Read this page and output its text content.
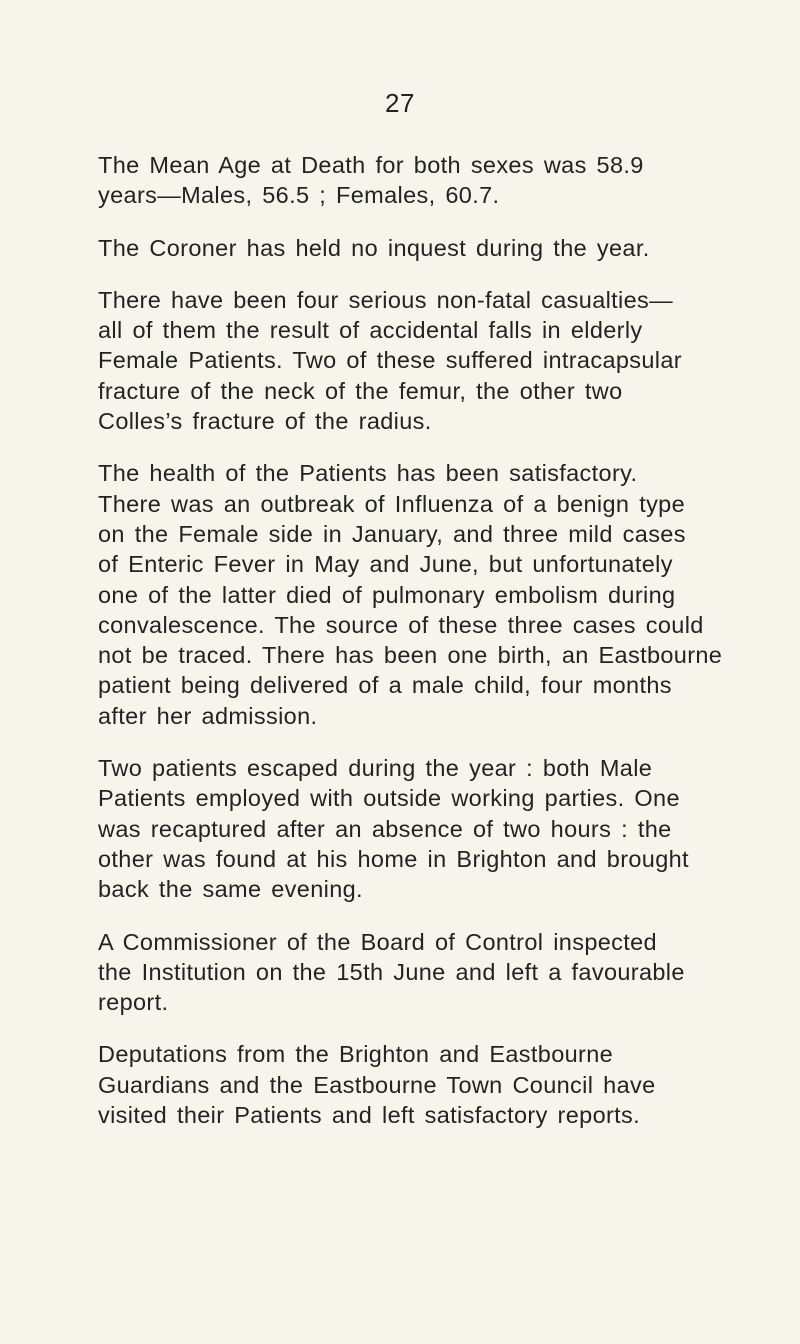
27

The Mean Age at Death for both sexes was 58.9
years—Males, 56.5 ; Females, 60.7.

The Coroner has held no inquest during the year.

There have been four serious non-fatal casualties—
all of them the result of accidental falls in elderly
Female Patients. Two of these suffered intracapsular
fracture of the neck of the femur, the other two
Colles’s fracture of the radius.

The health of the Patients has been satisfactory.
There was an outbreak of Influenza of a benign type
on the Female side in January, and three mild cases
of Enteric Fever in May and June, but unfortunately
one of the latter died of pulmonary embolism during
convalescence. The source of these three cases could
not be traced. There has been one birth, an Eastbourne
patient being delivered of a male child, four months
after her admission.

Two patients escaped during the year : both Male
Patients employed with outside working parties. One
was recaptured after an absence of two hours : the
other was found at his home in Brighton and brought
back the same evening.

A Commissioner of the Board of Control inspected
the Institution on the 15th June and left a favourable
report.

Deputations from the Brighton and Eastbourne
Guardians and the Eastbourne Town Council have
visited their Patients and left satisfactory reports.
